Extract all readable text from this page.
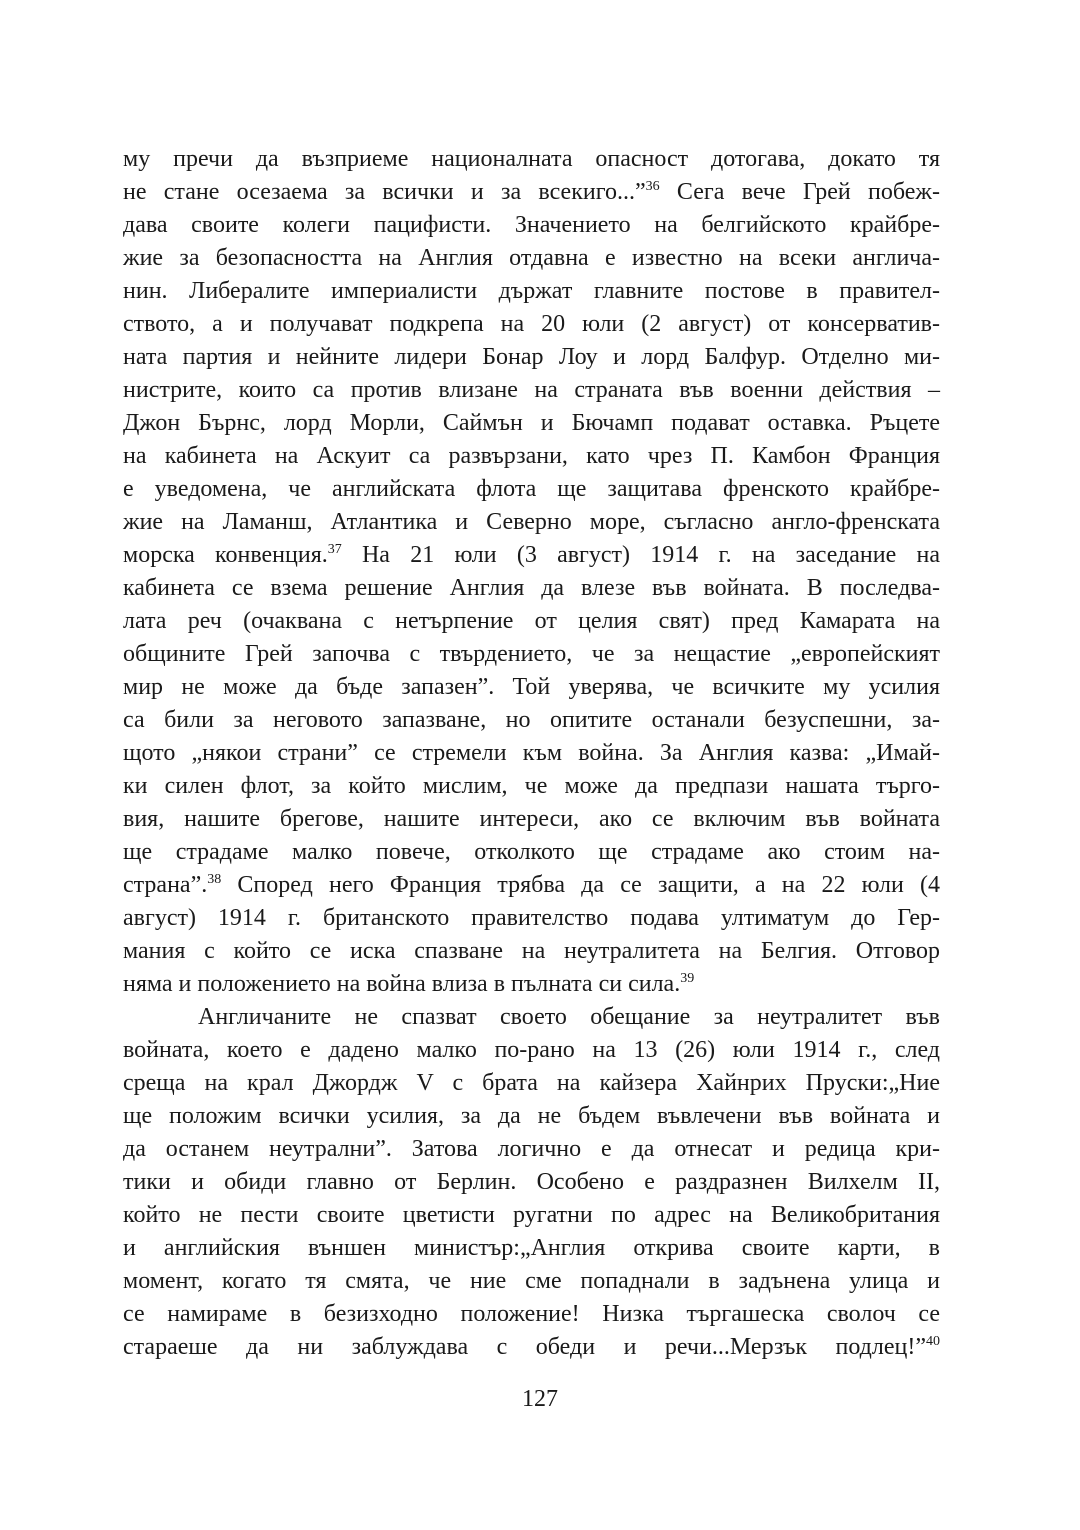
му пречи да възприеме националната опасност дотогава, докато тя
не стане осезаема за всички и за всекиго...”$^{36}$ Сега вече Грей побеж-
дава своите колеги пацифисти. Значението на белгийското крайбре-
жие за безопасността на Англия отдавна е известно на всеки англича-
нин. Либералите империалисти държат главните постове в правител-
ството, а и получават подкрепа на 20 юли (2 август) от консерватив-
ната партия и нейните лидери Бонар Лоу и лорд Балфур. Отделно ми-
нистрите, които са против влизане на страната във военни действия –
Джон Бърнс, лорд Морли, Саймън и Бючамп подават оставка. Ръцете
на кабинета на Аскуит са развързани, като чрез П. Камбон Франция
е уведомена, че английската флота ще защитава френското крайбре-
жие на Ламанш, Атлантика и Северно море, съгласно англо-френската
морска конвенция.$^{37}$ На 21 юли (3 август) 1914 г. на заседание на
кабинета се взема решение Англия да влезе във войната. В последва-
лата реч (очаквана с нетърпение от целия свят) пред Камарата на
общините Грей започва с твърдението, че за нещастие „европейският
мир не може да бъде запазен”. Той уверява, че всичките му усилия
са били за неговото запазване, но опитите останали безуспешни, за-
щото „някои страни” се стремели към война. За Англия казва: „Имай-
ки силен флот, за който мислим, че може да предпази нашата търго-
вия, нашите брегове, нашите интереси, ако се включим във войната
ще страдаме малко повече, отколкото ще страдаме ако стоим на-
страна”.$^{38}$ Според него Франция трябва да се защити, а на 22 юли (4
август) 1914 г. британското правителство подава ултиматум до Гер-
мания с който се иска спазване на неутралитета на Белгия. Отговор
няма и положението на война влиза в пълната си сила.$^{39}$
Англичаните не спазват своето обещание за неутралитет във
войната, което е дадено малко по-рано на 13 (26) юли 1914 г., след
среща на крал Джордж V с брата на кайзера Хайнрих Пруски:„Ние
ще положим всички усилия, за да не бъдем въвлечени във войната и
да останем неутрални”. Затова логично е да отнесат и редица кри-
тики и обиди главно от Берлин. Особено е раздразнен Вилхелм II,
който не пести своите цветисти ругатни по адрес на Великобритания
и английския външен министър:„Англия открива своите карти, в
момент, когато тя смята, че ние сме попаднали в задънена улица и
се намираме в безизходно положение! Низка търгашеска сволоч се
стараеше да ни заблуждава с обеди и речи...Мерзък подлец!”$^{40}$
127
